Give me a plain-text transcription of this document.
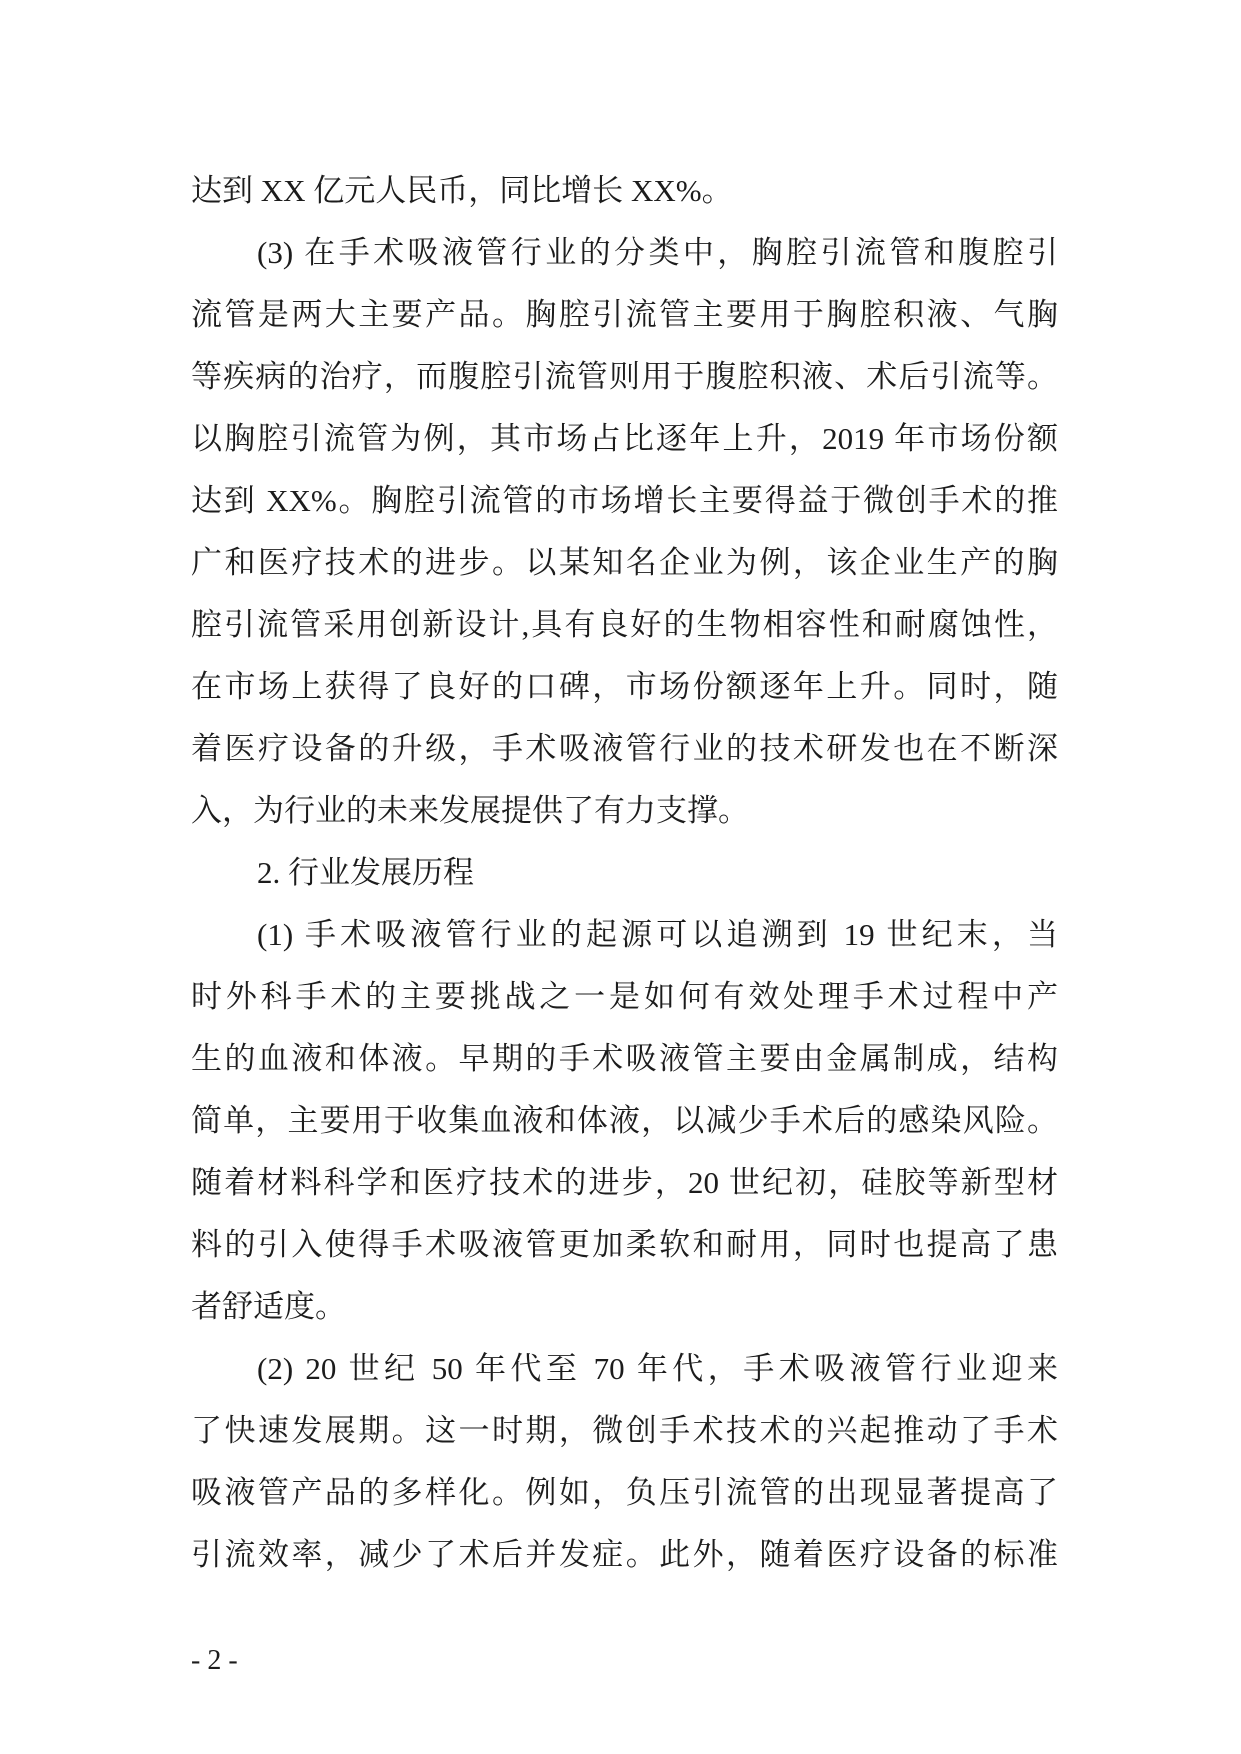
达到 XX 亿元人民币，同比增长 XX%。
(3) 在手术吸液管行业的分类中，胸腔引流管和腹腔引
流管是两大主要产品。胸腔引流管主要用于胸腔积液、气胸
等疾病的治疗，而腹腔引流管则用于腹腔积液、术后引流等。
以胸腔引流管为例，其市场占比逐年上升，2019 年市场份额
达到 XX%。胸腔引流管的市场增长主要得益于微创手术的推
广和医疗技术的进步。以某知名企业为例，该企业生产的胸
腔引流管采用创新设计,具有良好的生物相容性和耐腐蚀性，
在市场上获得了良好的口碑，市场份额逐年上升。同时，随
着医疗设备的升级，手术吸液管行业的技术研发也在不断深
入，为行业的未来发展提供了有力支撑。
2. 行业发展历程
(1) 手术吸液管行业的起源可以追溯到 19 世纪末，当
时外科手术的主要挑战之一是如何有效处理手术过程中产
生的血液和体液。早期的手术吸液管主要由金属制成，结构
简单，主要用于收集血液和体液，以减少手术后的感染风险。
随着材料科学和医疗技术的进步，20 世纪初，硅胶等新型材
料的引入使得手术吸液管更加柔软和耐用，同时也提高了患
者舒适度。
(2) 20 世纪 50 年代至 70 年代，手术吸液管行业迎来
了快速发展期。这一时期，微创手术技术的兴起推动了手术
吸液管产品的多样化。例如，负压引流管的出现显著提高了
引流效率，减少了术后并发症。此外，随着医疗设备的标准
- 2 -
